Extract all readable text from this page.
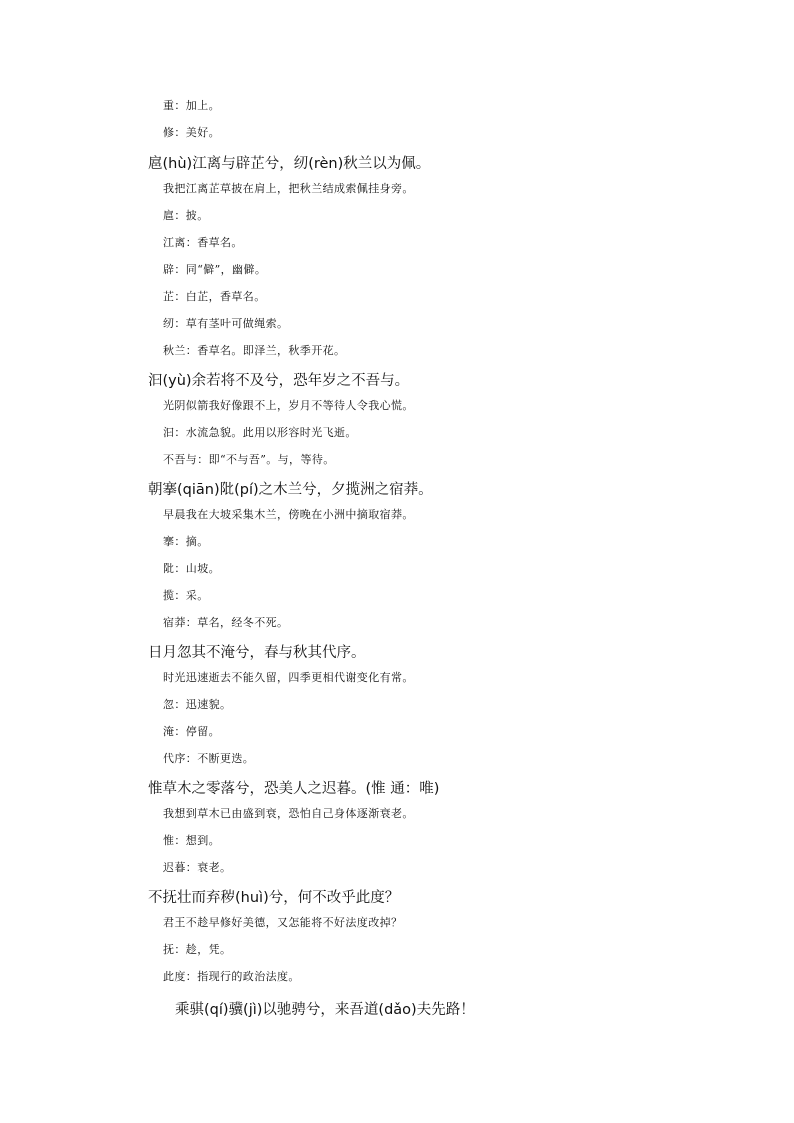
重：加上。
修：美好。
扈(hù)江离与辟芷兮，纫(rèn)秋兰以为佩。
我把江离芷草披在肩上，把秋兰结成索佩挂身旁。
扈：披。
江离：香草名。
辟：同“僻”，幽僻。
芷：白芷，香草名。
纫：草有茎叶可做绳索。
秋兰：香草名。即泽兰，秋季开花。
汩(yù)余若将不及兮，恐年岁之不吾与。
光阴似箭我好像跟不上，岁月不等待人令我心慌。
汩：水流急貌。此用以形容时光飞逝。
不吾与：即“不与吾”。与，等待。
朝搴(qiān)阰(pí)之木兰兮，夕揽洲之宿莽。
早晨我在大坡采集木兰，傍晚在小洲中摘取宿莽。
搴：摘。
阰：山坡。
揽：采。
宿莽：草名，经冬不死。
日月忽其不淹兮，春与秋其代序。
时光迅速逝去不能久留，四季更相代谢变化有常。
忽：迅速貌。
淹：停留。
代序：不断更迭。
惟草木之零落兮，恐美人之迟暮。(惟 通：唯)
我想到草木已由盛到衰，恐怕自己身体逐渐衰老。
惟：想到。
迟暮：衰老。
不抚壮而弃秽(huì)兮，何不改乎此度？
君王不趁早修好美德，又怎能将不好法度改掉？
抚：趁，凭。
此度：指现行的政治法度。
乘骐(qí)骥(jì)以驰骋兮，来吾道(dǎo)夫先路！
